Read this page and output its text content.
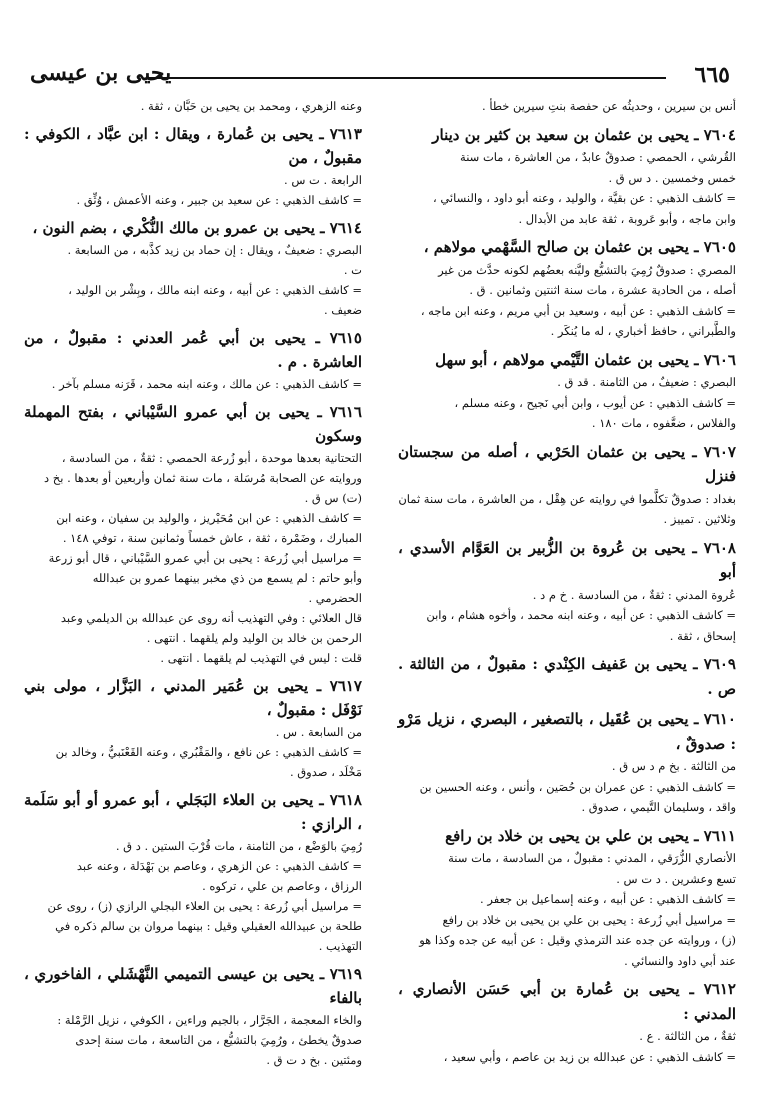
٦٦٥
يحيى بن عيسى
أنس بن سيرين ، وحديثُه عن حفصة بنتِ سيرين خطأ .
٧٦٠٤ ـ يحيى بن عثمان بن سعيد بن كثير بن دينار
القُرشي ، الحمصي : صدوقٌ عابدٌ ، من العاشرة ، مات سنة
خمس وخمسين . د س ق .
= كاشف الذهبي : عن بقيَّة ، والوليد ، وعنه أبو داود ، والنسائي ،
وابن ماجه ، وأبو عَروبة ، ثقة عابد من الأبدال .
٧٦٠٥ ـ يحيى بن عثمان بن صالح السَّهْمي مولاهم ،
المصري : صدوقٌ رُمِيَ بالتشيُّع وليَّنه بعضُهم لكونه حدَّث من غير
أصله ، من الحادية عشرة ، مات سنة اثنتين وثمانين . ق .
= كاشف الذهبي : عن أبيه ، وسعيد بن أبي مريم ، وعنه ابن ماجه ،
والطَّبراني ، حافظ أخباري ، له ما يُنكَر .
٧٦٠٦ ـ يحيى بن عثمان التَّيْمي مولاهم ، أبو سهل
البصري : ضعيفٌ ، من الثامنة . قد ق .
= كاشف الذهبي : عن أيوب ، وابن أبي نَجيح ، وعنه مسلم ،
والفلاس ، ضعَّفوه ، مات ١٨٠ .
٧٦٠٧ ـ يحيى بن عثمان الحَرْبي ، أصله من سجستان فنزل
بغداد : صدوقٌ تكلَّموا في روايته عن هِقْل ، من العاشرة ، مات سنة ثمان
وثلاثين . تمييز .
٧٦٠٨ ـ يحيى بن عُروة بن الزُّبير بن العَوَّام الأسدي ، أبو
عُروة المدني : ثقةٌ ، من السادسة . خ م د .
= كاشف الذهبي : عن أبيه ، وعنه ابنه محمد ، وأخوه هشام ، وابن
إسحاق ، ثقة .
٧٦٠٩ ـ يحيى بن عَفيف الكِنْدي : مقبولٌ ، من الثالثة . ص .
٧٦١٠ ـ يحيى بن عُقَيل ، بالتصغير ، البصري ، نزيل مَرْو : صدوقٌ ،
من الثالثة . بخ م د س ق .
= كاشف الذهبي : عن عمران بن حُصَين ، وأنس ، وعنه الحسين بن
واقد ، وسليمان التَّيمي ، صدوق .
٧٦١١ ـ يحيى بن علي بن يحيى بن خلاد بن رافع
الأنصاري الزُّرَقي ، المدني : مقبولٌ ، من السادسة ، مات سنة
تسع وعشرين . د ت س .
= كاشف الذهبي : عن أبيه ، وعنه إسماعيل بن جعفر .
= مراسيل أبي زُرعة : يحيى بن علي بن يحيى بن خلاد بن رافع
(ز) ، وروايته عن جده عند الترمذي وقيل : عن أبيه عن جده وكذا هو
عند أبي داود والنسائي .
٧٦١٢ ـ يحيى بن عُمارة بن أبي حَسَن الأنصاري ، المدني :
ثقةٌ ، من الثالثة . ع .
= كاشف الذهبي : عن عبدالله بن زيد بن عاصم ، وأبي سعيد ،
وعنه الزهري ، ومحمد بن يحيى بن حَبَّان ، ثقة .
٧٦١٣ ـ يحيى بن عُمارة ، ويقال : ابن عبَّاد ، الكوفي : مقبولٌ ، من
الرابعة . ت س .
= كاشف الذهبي : عن سعيد بن جبير ، وعنه الأعمش ، وُثِّق .
٧٦١٤ ـ يحيى بن عمرو بن مالك النُّكْري ، بضم النون ،
البصري : ضعيفٌ ، ويقال : إن حماد بن زيد كذَّبه ، من السابعة .
ت .
= كاشف الذهبي : عن أبيه ، وعنه ابنه مالك ، وبِشْر بن الوليد ،
ضعيف .
٧٦١٥ ـ يحيى بن أبي عُمر العدني : مقبولٌ ، من العاشرة . م .
= كاشف الذهبي : عن مالك ، وعنه ابنه محمد ، قَرَنه مسلم بآخر .
٧٦١٦ ـ يحيى بن أبي عمرو السَّيْباني ، بفتح المهملة وسكون
التحتانية بعدها موحدة ، أبو زُرعة الحمصي : ثقةٌ ، من السادسة ،
وروايته عن الصحابة مُرسَلة ، مات سنة ثمان وأربعين أو بعدها . بخ د
(ت) س ق .
= كاشف الذهبي : عن ابن مُحَيْريز ، والوليد بن سفيان ، وعنه ابن
المبارك ، وضَمْرة ، ثقة ، عاش خمساً وثمانين سنة ، توفي ١٤٨ .
= مراسيل أبي زُرعة : يحيى بن أبي عمرو السَّيْباني ، قال أبو زرعة
وأبو حاتم : لم يسمع من ذي مخبر بينهما عمرو بن عبدالله
الحضرمي .
قال العلائي : وفي التهذيب أنه روى عن عبدالله بن الديلمي وعبد
الرحمن بن خالد بن الوليد ولم يلقهما . انتهى .
قلت : ليس في التهذيب لم يلقهما . انتهى .
٧٦١٧ ـ يحيى بن عُمَير المدني ، البَزَّار ، مولى بني نَوْفَل : مقبولٌ ،
من السابعة . س .
= كاشف الذهبي : عن نافع ، والمَقْبُري ، وعنه القَعْنَبيُّ ، وخالد بن
مَخْلَد ، صدوق .
٧٦١٨ ـ يحيى بن العلاء البَجَلي ، أبو عمرو أو أبو سَلَمة ، الرازي :
رُمِيَ بالوَضْع ، من الثامنة ، مات قُرْبَ الستين . د ق .
= كاشف الذهبي : عن الزهري ، وعاصم بن بَهْدَلة ، وعنه عبد
الرزاق ، وعاصم بن علي ، تركوه .
= مراسيل أبي زُرعة : يحيى بن العلاء البجلي الرازي (ز) ، روى عن
طلحة بن عبيدالله العقيلي وقيل : بينهما مروان بن سالم ذكره في
التهذيب .
٧٦١٩ ـ يحيى بن عيسى التميمي النَّهْشَلي ، الفاخوري ، بالفاء
والخاء المعجمة ، الجَرَّار ، بالجيم وراءين ، الكوفي ، نزيل الرَّمْلة :
صدوقٌ يخطئ ، ورُمِيَ بالتشيُّع ، من التاسعة ، مات سنة إحدى
ومئتين . بخ د ت ق .
